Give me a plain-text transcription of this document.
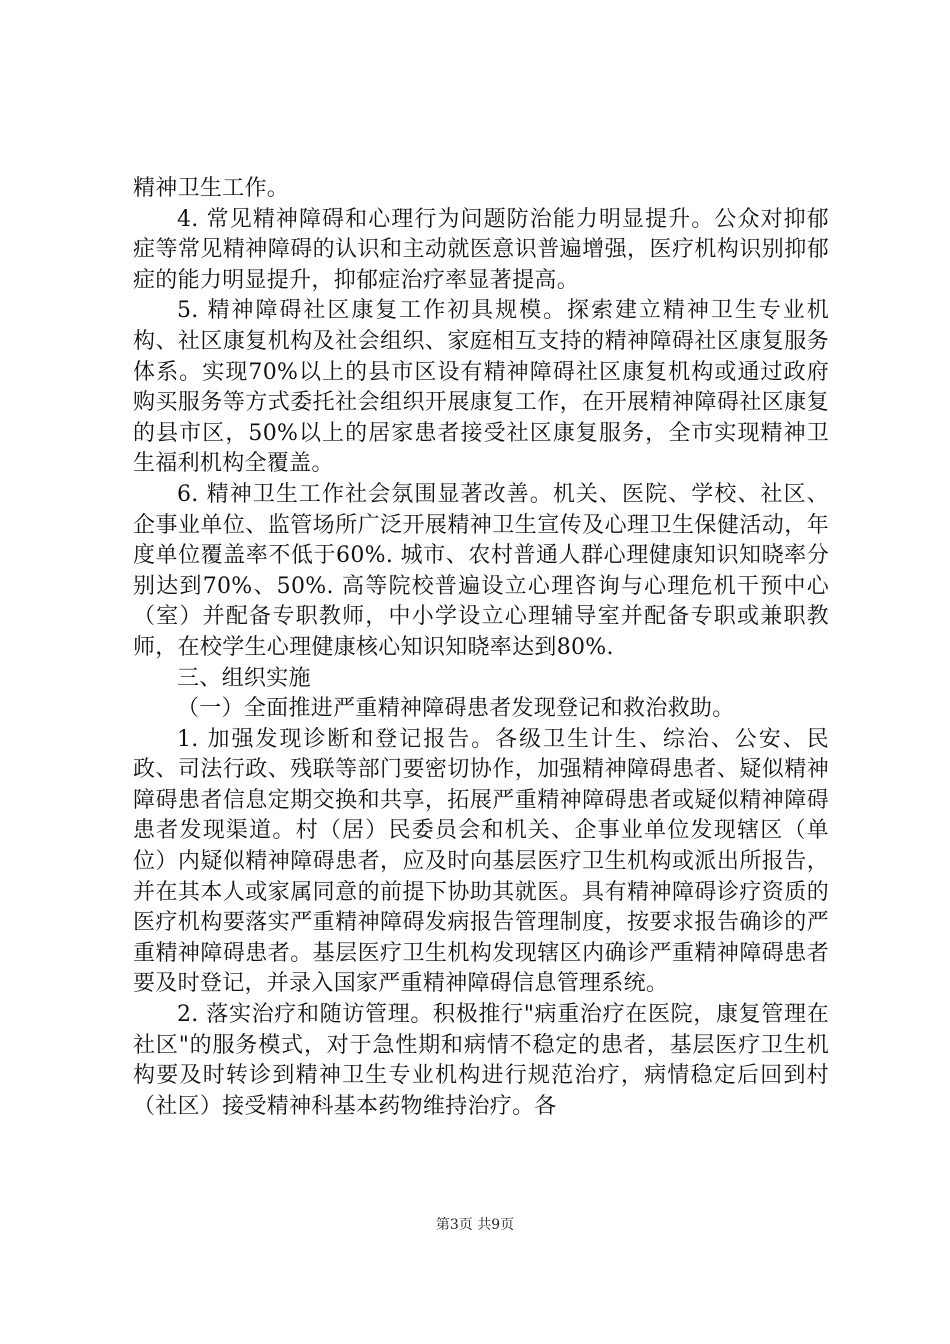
精神卫生工作。

4. 常见精神障碍和心理行为问题防治能力明显提升。公众对抑郁症等常见精神障碍的认识和主动就医意识普遍增强，医疗机构识别抑郁症的能力明显提升，抑郁症治疗率显著提高。

5. 精神障碍社区康复工作初具规模。探索建立精神卫生专业机构、社区康复机构及社会组织、家庭相互支持的精神障碍社区康复服务体系。实现70%以上的县市区设有精神障碍社区康复机构或通过政府购买服务等方式委托社会组织开展康复工作，在开展精神障碍社区康复的县市区，50%以上的居家患者接受社区康复服务，全市实现精神卫生福利机构全覆盖。

6. 精神卫生工作社会氛围显著改善。机关、医院、学校、社区、企事业单位、监管场所广泛开展精神卫生宣传及心理卫生保健活动，年度单位覆盖率不低于60%. 城市、农村普通人群心理健康知识知晓率分别达到70%、50%. 高等院校普遍设立心理咨询与心理危机干预中心（室）并配备专职教师，中小学设立心理辅导室并配备专职或兼职教师，在校学生心理健康核心知识知晓率达到80%.

三、组织实施

（一）全面推进严重精神障碍患者发现登记和救治救助。

1. 加强发现诊断和登记报告。各级卫生计生、综治、公安、民政、司法行政、残联等部门要密切协作，加强精神障碍患者、疑似精神障碍患者信息定期交换和共享，拓展严重精神障碍患者或疑似精神障碍患者发现渠道。村（居）民委员会和机关、企事业单位发现辖区（单位）内疑似精神障碍患者，应及时向基层医疗卫生机构或派出所报告，并在其本人或家属同意的前提下协助其就医。具有精神障碍诊疗资质的医疗机构要落实严重精神障碍发病报告管理制度，按要求报告确诊的严重精神障碍患者。基层医疗卫生机构发现辖区内确诊严重精神障碍患者要及时登记，并录入国家严重精神障碍信息管理系统。

2. 落实治疗和随访管理。积极推行"病重治疗在医院，康复管理在社区"的服务模式，对于急性期和病情不稳定的患者，基层医疗卫生机构要及时转诊到精神卫生专业机构进行规范治疗，病情稳定后回到村（社区）接受精神科基本药物维持治疗。各

第3页 共9页
